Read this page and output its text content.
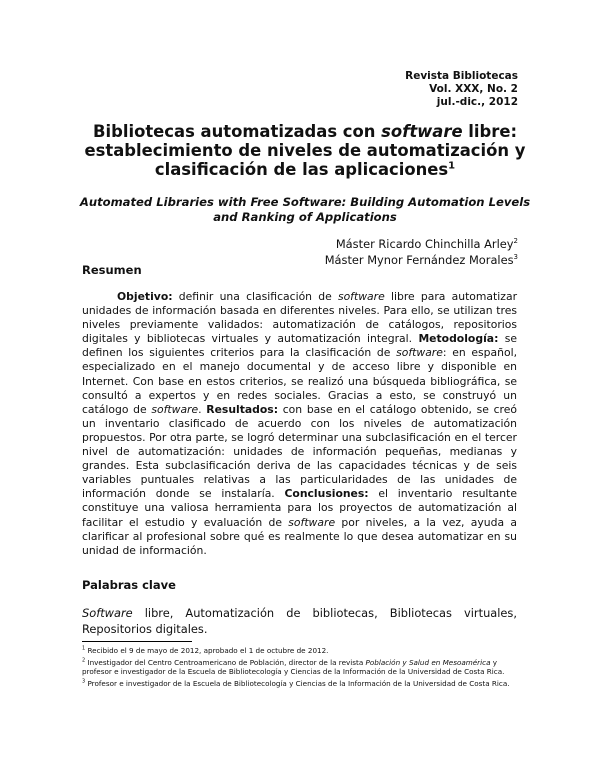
Revista Bibliotecas
Vol. XXX, No. 2
jul.-dic., 2012
Bibliotecas automatizadas con software libre: establecimiento de niveles de automatización y clasificación de las aplicaciones$^1$
Automated Libraries with Free Software: Building Automation Levels and Ranking of Applications
Máster Ricardo Chinchilla Arley$^2$
Máster Mynor Fernández Morales$^3$
Resumen

Objetivo: definir una clasificación de software libre para automatizar unidades de información basada en diferentes niveles. Para ello, se utilizan tres niveles previamente validados: automatización de catálogos, repositorios digitales y bibliotecas virtuales y automatización integral. Metodología: se definen los siguientes criterios para la clasificación de software: en español, especializado en el manejo documental y de acceso libre y disponible en Internet. Con base en estos criterios, se realizó una búsqueda bibliográfica, se consultó a expertos y en redes sociales. Gracias a esto, se construyó un catálogo de software. Resultados: con base en el catálogo obtenido, se creó un inventario clasificado de acuerdo con los niveles de automatización propuestos. Por otra parte, se logró determinar una subclasificación en el tercer nivel de automatización: unidades de información pequeñas, medianas y grandes. Esta subclasificación deriva de las capacidades técnicas y de seis variables puntuales relativas a las particularidades de las unidades de información donde se instalaría. Conclusiones: el inventario resultante constituye una valiosa herramienta para los proyectos de automatización al facilitar el estudio y evaluación de software por niveles, a la vez, ayuda a clarificar al profesional sobre qué es realmente lo que desea automatizar en su unidad de información.

Palabras clave

Software libre, Automatización de bibliotecas, Bibliotecas virtuales, Repositorios digitales.

$^1$ Recibido el 9 de mayo de 2012, aprobado el 1 de octubre de 2012.

$^2$ Investigador del Centro Centroamericano de Población, director de la revista Población y Salud en Mesoamérica y profesor e investigador de la Escuela de Bibliotecología y Ciencias de la Información de la Universidad de Costa Rica.

$^3$ Profesor e investigador de la Escuela de Bibliotecología y Ciencias de la Información de la Universidad de Costa Rica.
